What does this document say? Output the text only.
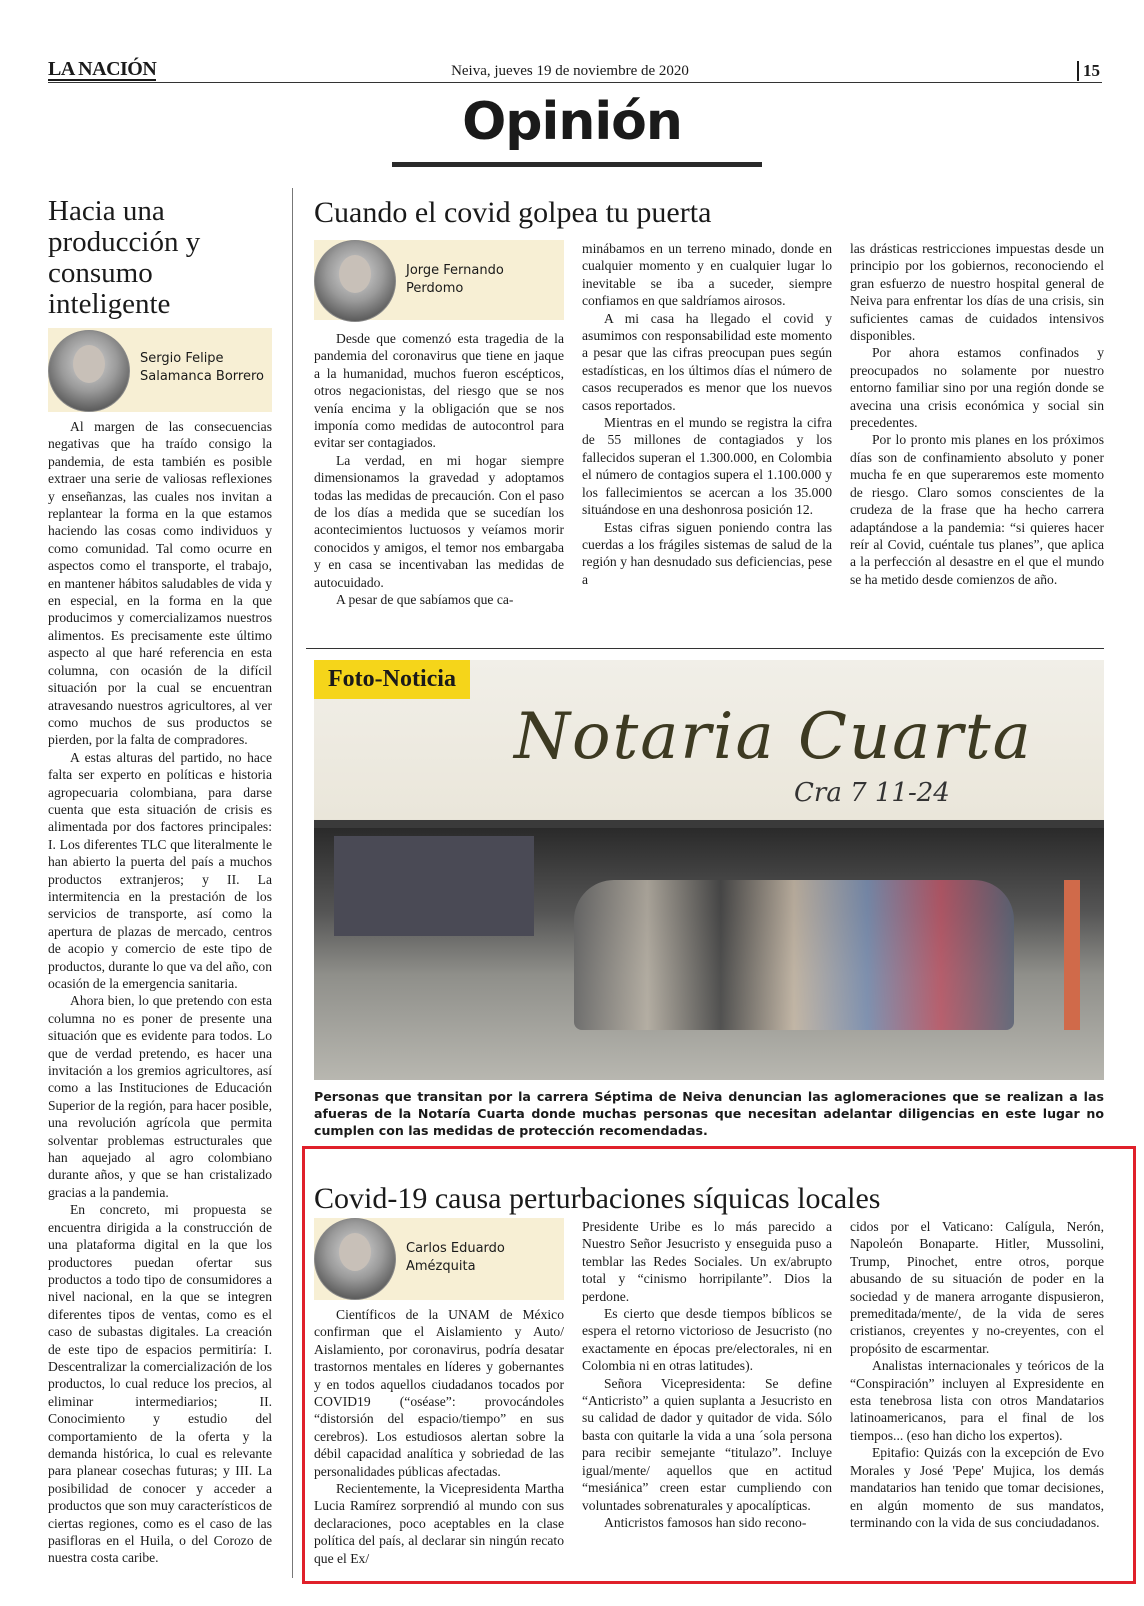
LA NACIÓN	Neiva, jueves 19 de noviembre de 2020	15
Opinión
Hacia una producción y consumo inteligente
Sergio Felipe Salamanca Borrero

Al margen de las consecuencias negativas que ha traído consigo la pandemia, de esta también es posible extraer una serie de valiosas reflexiones y enseñanzas, las cuales nos invitan a replantear la forma en la que estamos haciendo las cosas como individuos y como comunidad. Tal como ocurre en aspectos como el transporte, el trabajo, en mantener hábitos saludables de vida y en especial, en la forma en la que producimos y comercializamos nuestros alimentos. Es precisamente este último aspecto al que haré referencia en esta columna, con ocasión de la difícil situación por la cual se encuentran atravesando nuestros agricultores, al ver como muchos de sus productos se pierden, por la falta de compradores.

A estas alturas del partido, no hace falta ser experto en políticas e historia agropecuaria colombiana, para darse cuenta que esta situación de crisis es alimentada por dos factores principales: I. Los diferentes TLC que literalmente le han abierto la puerta del país a muchos productos extranjeros; y II. La intermitencia en la prestación de los servicios de transporte, así como la apertura de plazas de mercado, centros de acopio y comercio de este tipo de productos, durante lo que va del año, con ocasión de la emergencia sanitaria.

Ahora bien, lo que pretendo con esta columna no es poner de presente una situación que es evidente para todos. Lo que de verdad pretendo, es hacer una invitación a los gremios agricultores, así como a las Instituciones de Educación Superior de la región, para hacer posible, una revolución agrícola que permita solventar problemas estructurales que han aquejado al agro colombiano durante años, y que se han cristalizado gracias a la pandemia.

En concreto, mi propuesta se encuentra dirigida a la construcción de una plataforma digital en la que los productores puedan ofertar sus productos a todo tipo de consumidores a nivel nacional, en la que se integren diferentes tipos de ventas, como es el caso de subastas digitales. La creación de este tipo de espacios permitiría: I. Descentralizar la comercialización de los productos, lo cual reduce los precios, al eliminar intermediarios; II. Conocimiento y estudio del comportamiento de la oferta y la demanda histórica, lo cual es relevante para planear cosechas futuras; y III. La posibilidad de conocer y acceder a productos que son muy característicos de ciertas regiones, como es el caso de las pasifloras en el Huila, o del Corozo de nuestra costa caribe.

Cuando el covid golpea tu puerta
Jorge Fernando Perdomo

Desde que comenzó esta tragedia de la pandemia del coronavirus que tiene en jaque a la humanidad, muchos fueron escépticos, otros negacionistas, del riesgo que se nos venía encima y la obligación que se nos imponía como medidas de autocontrol para evitar ser contagiados.

La verdad, en mi hogar siempre dimensionamos la gravedad y adoptamos todas las medidas de precaución. Con el paso de los días a medida que se sucedían los acontecimientos luctuosos y veíamos morir conocidos y amigos, el temor nos embargaba y en casa se incentivaban las medidas de autocuidado.

A pesar de que sabíamos que ca-

minábamos en un terreno minado, donde en cualquier momento y en cualquier lugar lo inevitable se iba a suceder, siempre confiamos en que saldríamos airosos.

A mi casa ha llegado el covid y asumimos con responsabilidad este momento a pesar que las cifras preocupan pues según estadísticas, en los últimos días el número de casos recuperados es menor que los nuevos casos reportados.

Mientras en el mundo se registra la cifra de 55 millones de contagiados y los fallecidos superan el 1.300.000, en Colombia el número de contagios supera el 1.100.000 y los fallecimientos se acercan a los 35.000 situándose en una deshonrosa posición 12.

Estas cifras siguen poniendo contra las cuerdas a los frágiles sistemas de salud de la región y han desnudado sus deficiencias, pese a

las drásticas restricciones impuestas desde un principio por los gobiernos, reconociendo el gran esfuerzo de nuestro hospital general de Neiva para enfrentar los días de una crisis, sin suficientes camas de cuidados intensivos disponibles.

Por ahora estamos confinados y preocupados no solamente por nuestro entorno familiar sino por una región donde se avecina una crisis económica y social sin precedentes.

Por lo pronto mis planes en los próximos días son de confinamiento absoluto y poner mucha fe en que superaremos este momento de riesgo. Claro somos conscientes de la crudeza de la frase que ha hecho carrera adaptándose a la pandemia: “si quieres hacer reír al Covid, cuéntale tus planes”, que aplica a la perfección al desastre en el que el mundo se ha metido desde comienzos de año.

Notaria Cuarta
Cra 7 11-24
Foto-Noticia
Personas que transitan por la carrera Séptima de Neiva denuncian las aglomeraciones que se realizan a las afueras de la Notaría Cuarta donde muchas personas que necesitan adelantar diligencias en este lugar no cumplen con las medidas de protección recomendadas.
Covid-19 causa perturbaciones síquicas locales
Carlos Eduardo Amézquita

Científicos de la UNAM de México confirman que el Aislamiento y Auto/ Aislamiento, por coronavirus, podría desatar trastornos mentales en líderes y gobernantes y en todos aquellos ciudadanos tocados por COVID19 (“oséase”: provocándoles “distorsión del espacio/tiempo” en sus cerebros). Los estudiosos alertan sobre la débil capacidad analítica y sobriedad de las personalidades públicas afectadas.

Recientemente, la Vicepresidenta Martha Lucia Ramírez sorprendió al mundo con sus declaraciones, poco aceptables en la clase política del país, al declarar sin ningún recato que el Ex/

Presidente Uribe es lo más parecido a Nuestro Señor Jesucristo y enseguida puso a temblar las Redes Sociales. Un ex/abrupto total y “cinismo horripilante”. Dios la perdone.

Es cierto que desde tiempos bíblicos se espera el retorno victorioso de Jesucristo (no exactamente en épocas pre/electorales, ni en Colombia ni en otras latitudes).

Señora Vicepresidenta: Se define “Anticristo” a quien suplanta a Jesucristo en su calidad de dador y quitador de vida. Sólo basta con quitarle la vida a una ´sola persona para recibir semejante “titulazo”. Incluye igual/mente/ aquellos que en actitud “mesiánica” creen estar cumpliendo con voluntades sobrenaturales y apocalípticas.

Anticristos famosos han sido recono-

cidos por el Vaticano: Calígula, Nerón, Napoleón Bonaparte. Hitler, Mussolini, Trump, Pinochet, entre otros, porque abusando de su situación de poder en la sociedad y de manera arrogante dispusieron, premeditada/mente/, de la vida de seres cristianos, creyentes y no-creyentes, con el propósito de escarmentar.

Analistas internacionales y teóricos de la “Conspiración” incluyen al Expresidente en esta tenebrosa lista con otros Mandatarios latinoamericanos, para el final de los tiempos... (eso han dicho los expertos).

Epitafio: Quizás con la excepción de Evo Morales y José 'Pepe' Mujica, los demás mandatarios han tenido que tomar decisiones, en algún momento de sus mandatos, terminando con la vida de sus conciudadanos.
